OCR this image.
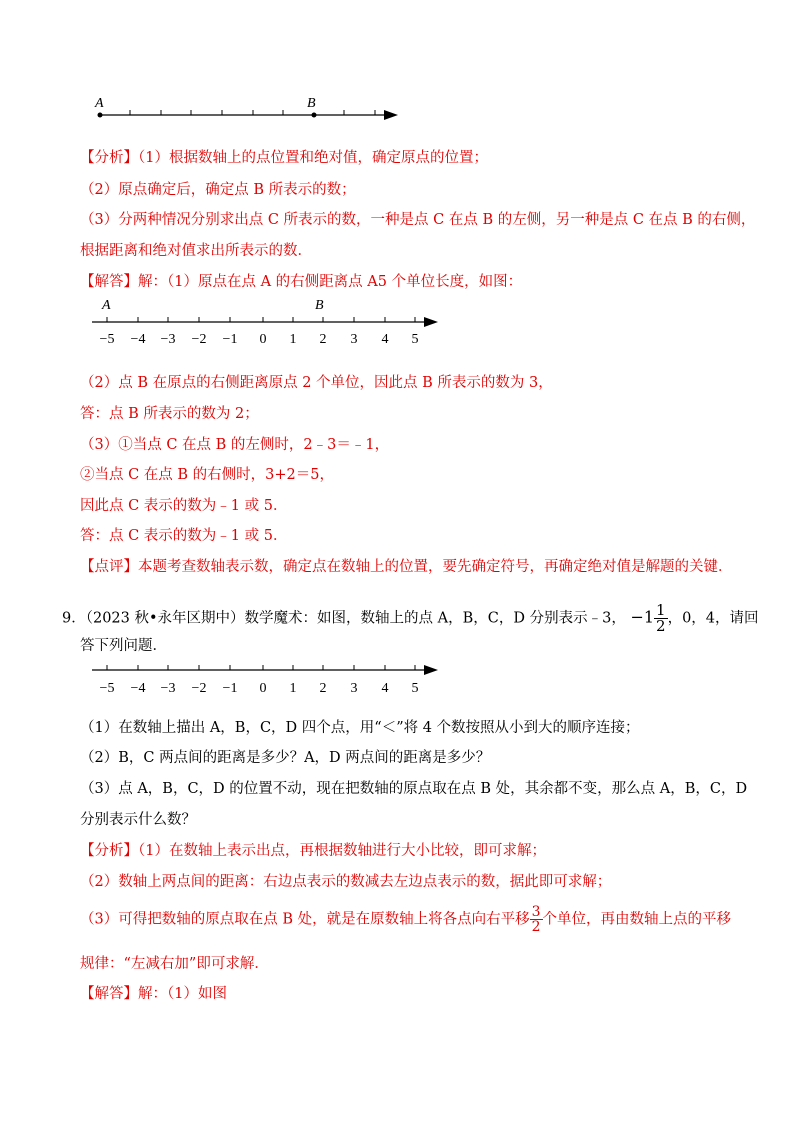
A	B
A	B
−5 −4 −3 −2 −1 0 1 2 3 4 5
−5 −4 −3 −2 −1 0 1 2 3 4 5
【分析】（1）根据数轴上的点位置和绝对值，确定原点的位置；
（2）原点确定后，确定点 B 所表示的数；
（3）分两种情况分别求出点 C 所表示的数，一种是点 C 在点 B 的左侧，另一种是点 C 在点 B 的右侧，
根据距离和绝对值求出所表示的数．
【解答】解：（1）原点在点 A 的右侧距离点 A5 个单位长度，如图：
（2）点 B 在原点的右侧距离原点 2 个单位，因此点 B 所表示的数为 3，
答：点 B 所表示的数为 2；
（3）①当点 C 在点 B 的左侧时，2﹣3＝﹣1，
②当点 C 在点 B 的右侧时，3+2＝5，
因此点 C 表示的数为﹣1 或 5．
答：点 C 表示的数为﹣1 或 5．
【点评】本题考查数轴表示数，确定点在数轴上的位置，要先确定符号，再确定绝对值是解题的关键．
9．（2023 秋•永年区期中）数学魔术：如图，数轴上的点 A，B，C，D 分别表示﹣3， $-1 \frac{1}{2}$ ，0，4，请回
答下列问题．
（1）在数轴上描出 A，B，C，D 四个点，用“＜”将 4 个数按照从小到大的顺序连接；
（2）B，C 两点间的距离是多少？A，D 两点间的距离是多少？
（3）点 A，B，C，D 的位置不动，现在把数轴的原点取在点 B 处，其余都不变，那么点 A，B，C，D
分别表示什么数？
【分析】（1）在数轴上表示出点，再根据数轴进行大小比较，即可求解；
（2）数轴上两点间的距离：右边点表示的数减去左边点表示的数，据此即可求解；
（3）可得把数轴的原点取在点 B 处，就是在原数轴上将各点向右平移 $\frac{3}{2}$ 个单位，再由数轴上点的平移
规律：“左减右加”即可求解．
【解答】解：（1）如图
